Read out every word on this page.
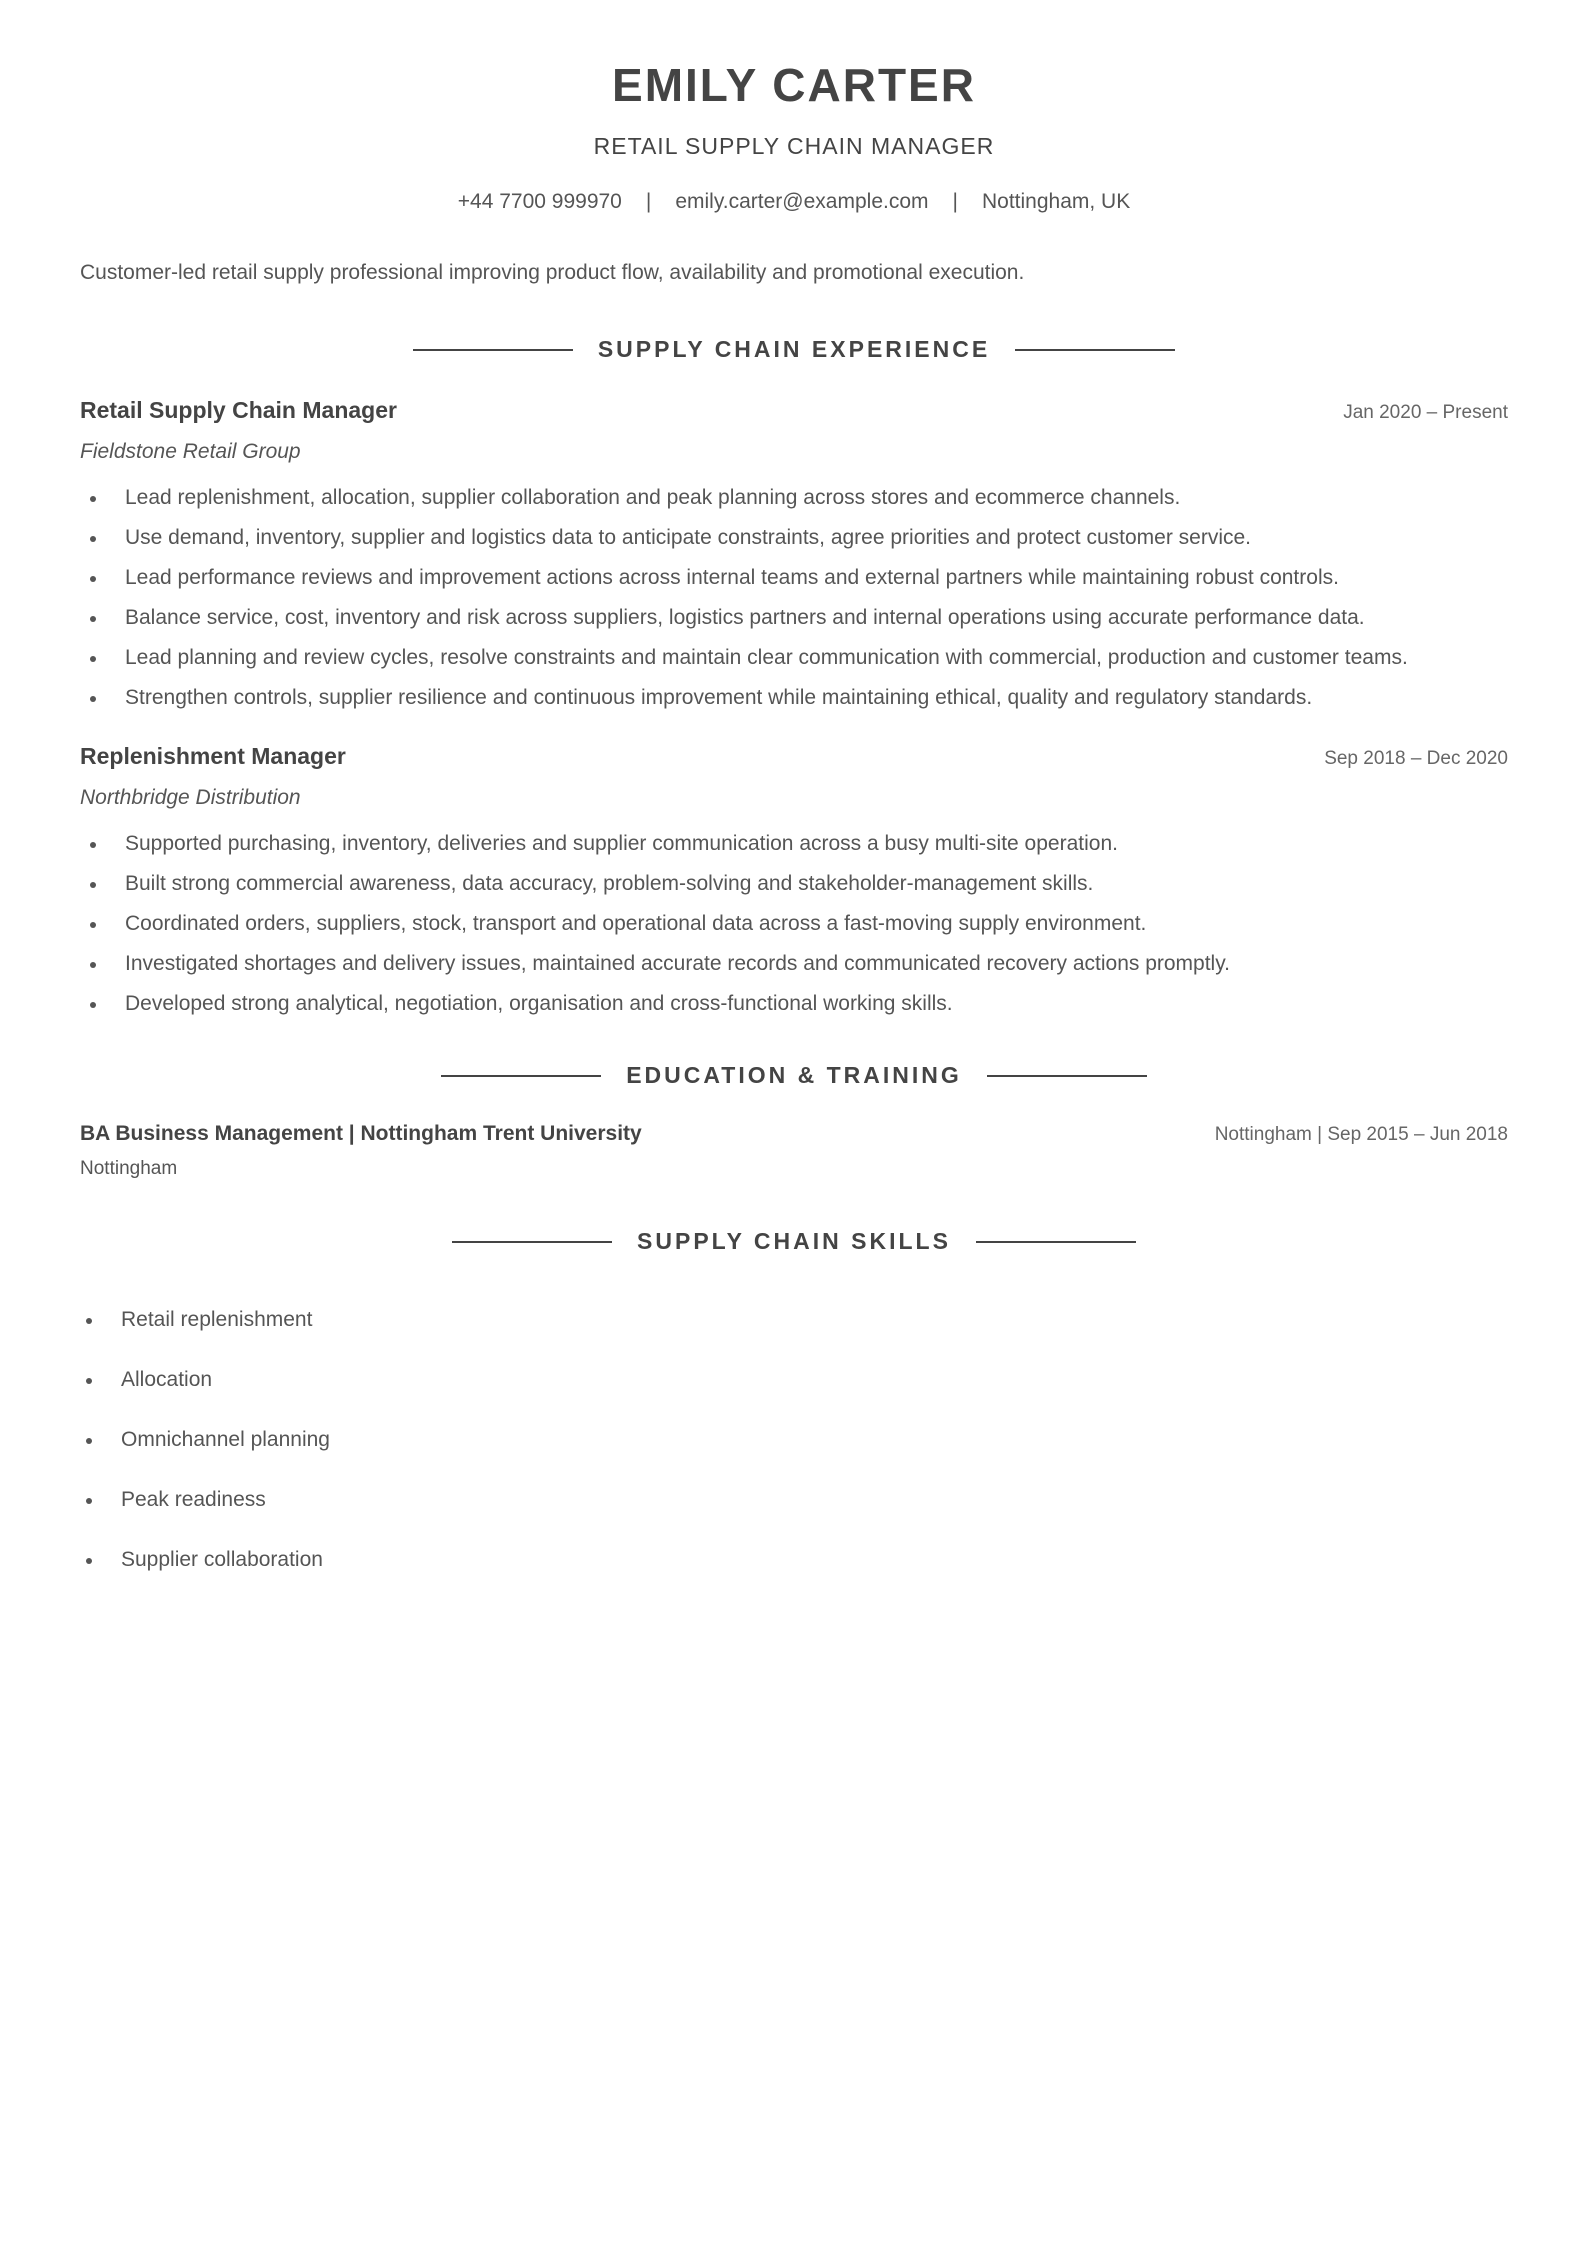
EMILY CARTER
RETAIL SUPPLY CHAIN MANAGER
+44 7700 999970 | emily.carter@example.com | Nottingham, UK
Customer-led retail supply professional improving product flow, availability and promotional execution.
SUPPLY CHAIN EXPERIENCE
Retail Supply Chain Manager	Jan 2020 – Present
Fieldstone Retail Group
Lead replenishment, allocation, supplier collaboration and peak planning across stores and ecommerce channels.
Use demand, inventory, supplier and logistics data to anticipate constraints, agree priorities and protect customer service.
Lead performance reviews and improvement actions across internal teams and external partners while maintaining robust controls.
Balance service, cost, inventory and risk across suppliers, logistics partners and internal operations using accurate performance data.
Lead planning and review cycles, resolve constraints and maintain clear communication with commercial, production and customer teams.
Strengthen controls, supplier resilience and continuous improvement while maintaining ethical, quality and regulatory standards.
Replenishment Manager	Sep 2018 – Dec 2020
Northbridge Distribution
Supported purchasing, inventory, deliveries and supplier communication across a busy multi-site operation.
Built strong commercial awareness, data accuracy, problem-solving and stakeholder-management skills.
Coordinated orders, suppliers, stock, transport and operational data across a fast-moving supply environment.
Investigated shortages and delivery issues, maintained accurate records and communicated recovery actions promptly.
Developed strong analytical, negotiation, organisation and cross-functional working skills.
EDUCATION & TRAINING
BA Business Management | Nottingham Trent University	Nottingham | Sep 2015 – Jun 2018
Nottingham
SUPPLY CHAIN SKILLS
Retail replenishment
Allocation
Omnichannel planning
Peak readiness
Supplier collaboration
